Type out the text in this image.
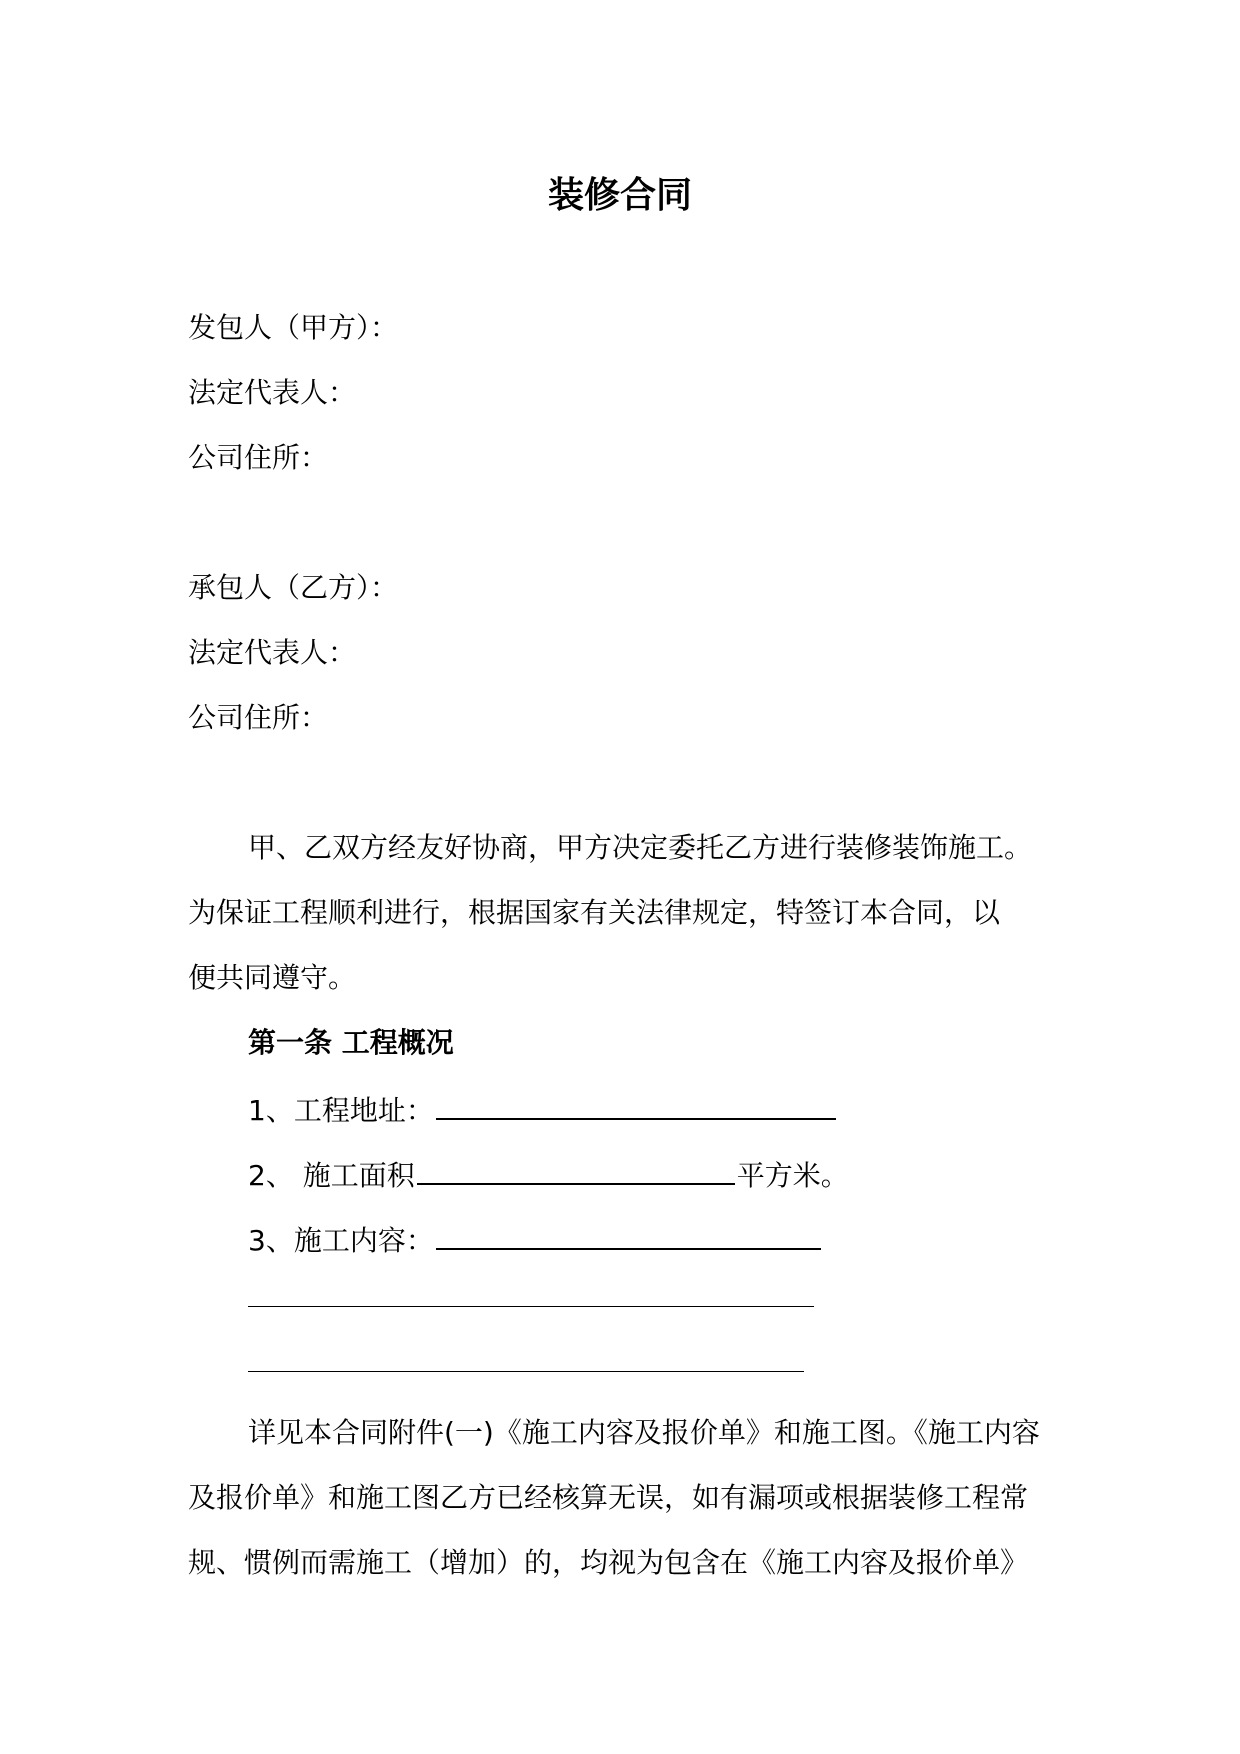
装修合同
发包人（甲方）：
法定代表人：
公司住所：
承包人（乙方）：
法定代表人：
公司住所：
甲、乙双方经友好协商，甲方决定委托乙方进行装修装饰施工。
为保证工程顺利进行，根据国家有关法律规定，特签订本合同，以
便共同遵守。
第一条 工程概况
1、工程地址：
2、 施工面积	平方米。
3、施工内容：
详见本合同附件(一)《施工内容及报价单》和施工图。《施工内容
及报价单》和施工图乙方已经核算无误，如有漏项或根据装修工程常
规、惯例而需施工（增加）的，均视为包含在《施工内容及报价单》
